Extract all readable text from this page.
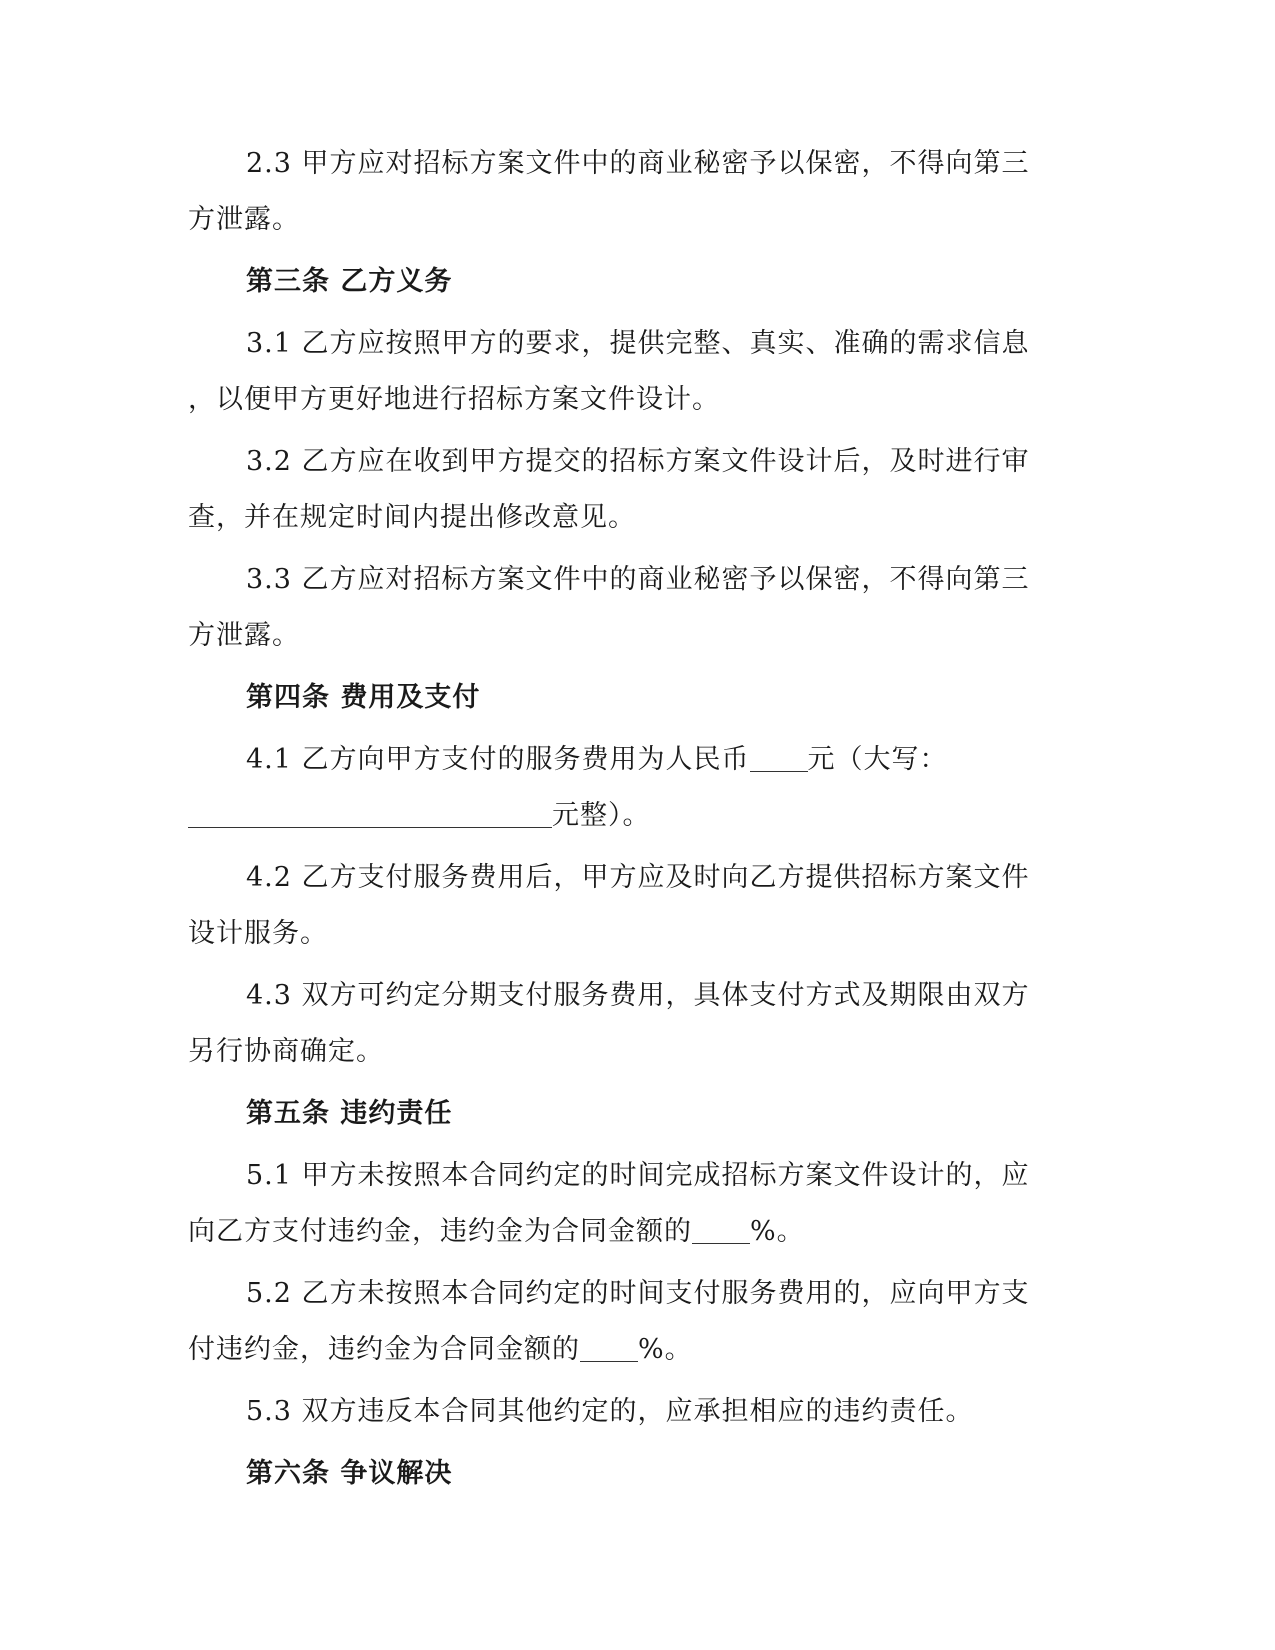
2.3 甲方应对招标方案文件中的商业秘密予以保密，不得向第三
方泄露。

第三条 乙方义务

3.1 乙方应按照甲方的要求，提供完整、真实、准确的需求信息
，以便甲方更好地进行招标方案文件设计。

3.2 乙方应在收到甲方提交的招标方案文件设计后，及时进行审
查，并在规定时间内提出修改意见。

3.3 乙方应对招标方案文件中的商业秘密予以保密，不得向第三
方泄露。

第四条 费用及支付

4.1 乙方向甲方支付的服务费用为人民币 元（大写：
元整）。

4.2 乙方支付服务费用后，甲方应及时向乙方提供招标方案文件
设计服务。

4.3 双方可约定分期支付服务费用，具体支付方式及期限由双方
另行协商确定。

第五条 违约责任

5.1 甲方未按照本合同约定的时间完成招标方案文件设计的，应
向乙方支付违约金，违约金为合同金额的 %。

5.2 乙方未按照本合同约定的时间支付服务费用的，应向甲方支
付违约金，违约金为合同金额的 %。

5.3 双方违反本合同其他约定的，应承担相应的违约责任。

第六条 争议解决
